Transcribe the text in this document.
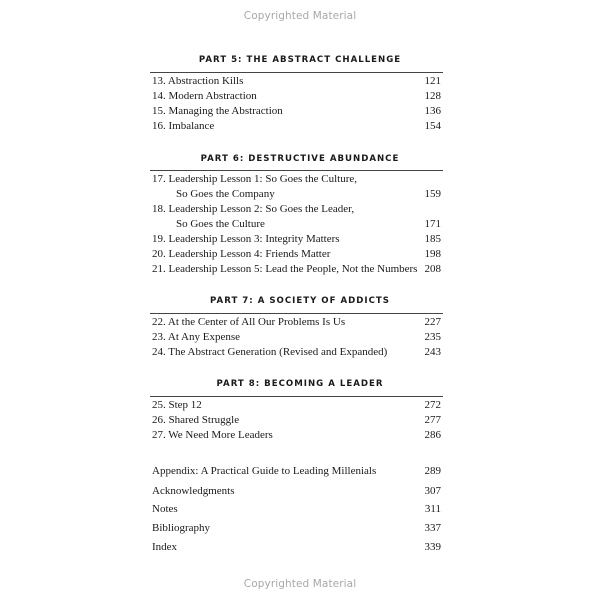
Copyrighted Material
PART 5: THE ABSTRACT CHALLENGE
13. Abstraction Kills	121
14. Modern Abstraction	128
15. Managing the Abstraction	136
16. Imbalance	154
PART 6: DESTRUCTIVE ABUNDANCE
17. Leadership Lesson 1: So Goes the Culture,
So Goes the Company	159
18. Leadership Lesson 2: So Goes the Leader,
So Goes the Culture	171
19. Leadership Lesson 3: Integrity Matters	185
20. Leadership Lesson 4: Friends Matter	198
21. Leadership Lesson 5: Lead the People, Not the Numbers 208
PART 7: A SOCIETY OF ADDICTS
22. At the Center of All Our Problems Is Us	227
23. At Any Expense	235
24. The Abstract Generation (Revised and Expanded)	243
PART 8: BECOMING A LEADER
25. Step 12	272
26. Shared Struggle	277
27. We Need More Leaders	286
Appendix: A Practical Guide to Leading Millenials	289
Acknowledgments	307
Notes	311
Bibliography	337
Index	339
Copyrighted Material
